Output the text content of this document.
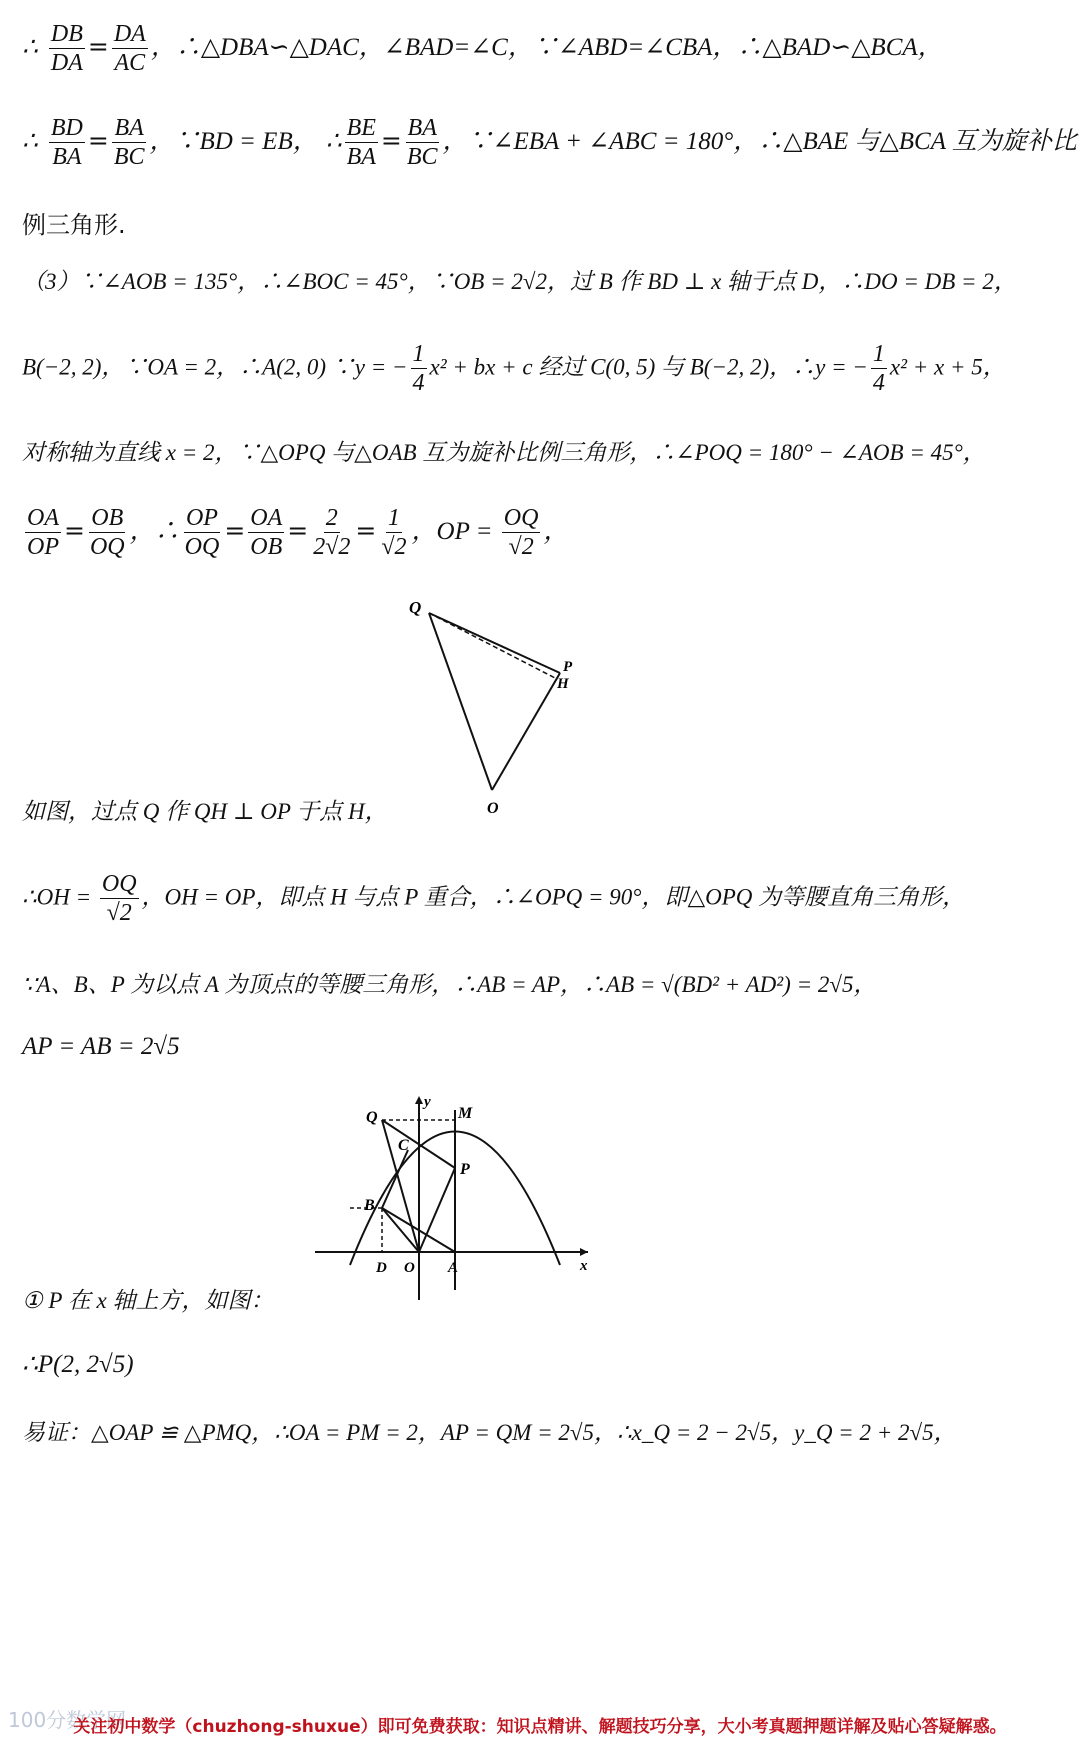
∴ $\frac{DB}{DA} = \frac{DA}{AC}$ ，∴△DBA∽△DAC，∠BAD=∠C，∵∠ABD=∠CBA，∴△BAD∽△BCA，
∴ $\frac{BD}{BA} = \frac{BA}{BC}$ ，∵BD = EB， ∴ $\frac{BE}{BA} = \frac{BA}{BC}$ ，∵∠EBA + ∠ABC = 180°，∴△BAE 与△BCA 互为旋补比
例三角形.
（3）∵∠AOB = 135°，∴∠BOC = 45°，∵OB = 2√2，过 B 作 BD ⊥ x 轴于点 D，∴DO = DB = 2，
B(−2, 2)，∵OA = 2，∴A(2, 0) ∵y = − $\frac{1}{4} x^2$ + bx + c 经过 C(0, 5) 与 B(−2, 2)，∴y = − $\frac{1}{4} x^2 + x + 5$，
对称轴为直线 x = 2，∵△OPQ 与△OAB 互为旋补比例三角形，∴∠POQ = 180° − ∠AOB = 45°，
$\frac{OA}{OP} = \frac{OB}{OQ}$ ，∴ $\frac{OP}{OQ} = \frac{OA}{OB} = \frac{2}{2√2} = \frac{1}{√2}$ ，OP = $\frac{OQ}{√2}$ ，
Q
P
H
O
如图，过点 Q 作 QH ⊥ OP 于点 H，
∴OH = $\frac{OQ}{√2}$ ，OH = OP，即点 H 与点 P 重合，∴∠OPQ = 90°，即△OPQ 为等腰直角三角形，
∵A、B、P 为以点 A 为顶点的等腰三角形，∴AB = AP，∴AB = √(BD² + AD²) = 2√5，
AP = AB = 2√5
y
x
Q	M
C
P
B
D O A
① P 在 x 轴上方，如图：
∴P(2, 2√5)
易证：△OAP ≌ △PMQ，∴OA = PM = 2，AP = QM = 2√5，∴x_Q = 2 − 2√5，y_Q = 2 + 2√5，
100分数学网
关注初中数学（chuzhong-shuxue）即可免费获取：知识点精讲、解题技巧分享，大小考真题押题详解及贴心答疑解惑。
